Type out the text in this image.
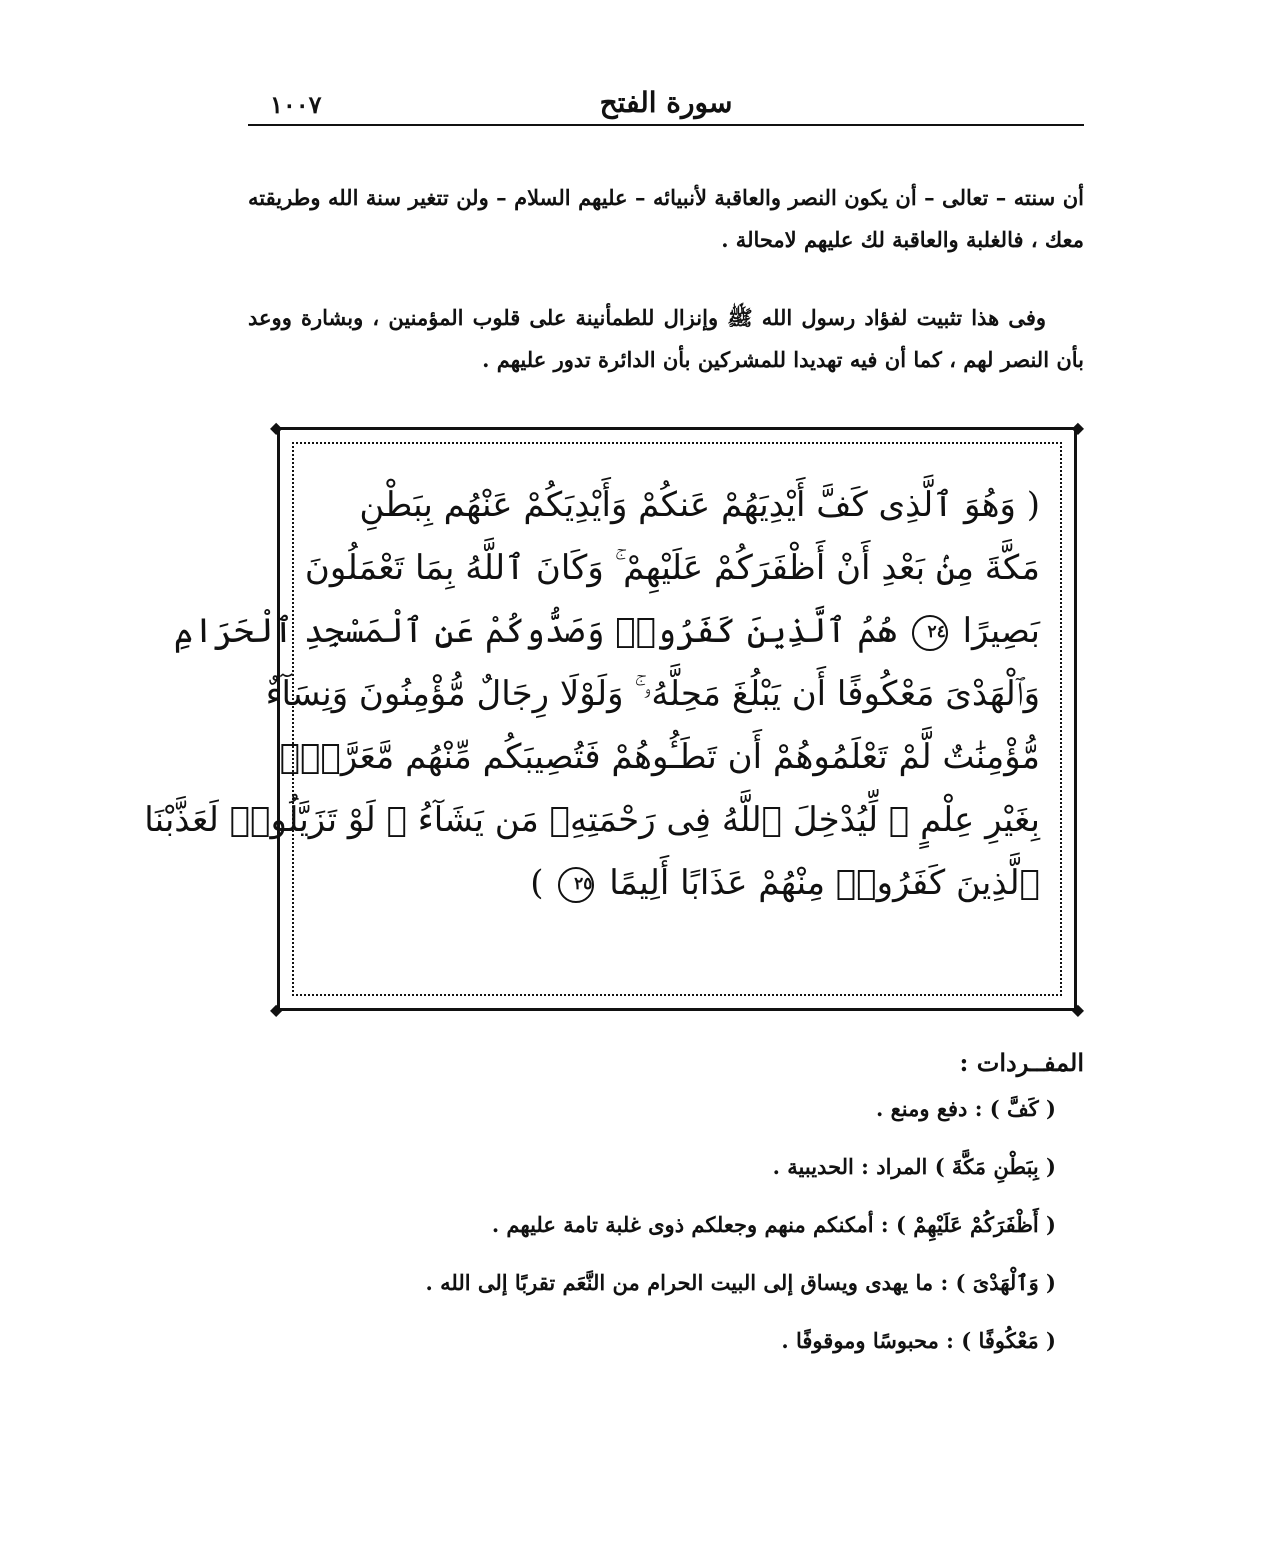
سورة الفتح
١٠٠٧

أن سنته – تعالى – أن يكون النصر والعاقبة لأنبيائه – عليهم السلام – ولن تتغير سنة الله وطريقته معك ، فالغلبة والعاقبة لك عليهم لامحالة .

وفى هذا تثبيت لفؤاد رسول الله ﷺ وإنزال للطمأنينة على قلوب المؤمنين ، وبشارة ووعد بأن النصر لهم ، كما أن فيه تهديدا للمشركين بأن الدائرة تدور عليهم .

◆	◆
◆	◆
( وَهُوَ ٱلَّذِى كَفَّ أَيْدِيَهُمْ عَنكُمْ وَأَيْدِيَكُمْ عَنْهُم بِبَطْنِ
مَكَّةَ مِنۢ بَعْدِ أَنْ أَظْفَرَكُمْ عَلَيْهِمْ ۚ وَكَانَ ٱللَّهُ بِمَا تَعْمَلُونَ
بَصِيرًا ٢٤ هُمُ ٱلَّذِينَ كَفَرُوا۟ وَصَدُّوكُمْ عَنِ ٱلْمَسْجِدِ ٱلْحَرَامِ
وَٱلْهَدْىَ مَعْكُوفًا أَن يَبْلُغَ مَحِلَّهُۥ ۚ وَلَوْلَا رِجَالٌ مُّؤْمِنُونَ وَنِسَآءٌ
مُّؤْمِنَٰتٌ لَّمْ تَعْلَمُوهُمْ أَن تَطَـُٔوهُمْ فَتُصِيبَكُم مِّنْهُم مَّعَرَّةٌۢ
بِغَيْرِ عِلْمٍ ۖ لِّيُدْخِلَ ٱللَّهُ فِى رَحْمَتِهِۦ مَن يَشَآءُ ۚ لَوْ تَزَيَّلُوا۟ لَعَذَّبْنَا
ٱلَّذِينَ كَفَرُوا۟ مِنْهُمْ عَذَابًا أَلِيمًا ٢٥ )
المفــردات :
( كَفَّ ) : دفع ومنع .
( بِبَطْنِ مَكَّةَ ) المراد : الحديبية .
( أَظْفَرَكُمْ عَلَيْهِمْ ) : أمكنكم منهم وجعلكم ذوى غلبة تامة عليهم .
( وَٱلْهَدْىَ ) : ما يهدى ويساق إلى البيت الحرام من النَّعَم تقربًا إلى الله .
( مَعْكُوفًا ) : محبوسًا وموقوفًا .
